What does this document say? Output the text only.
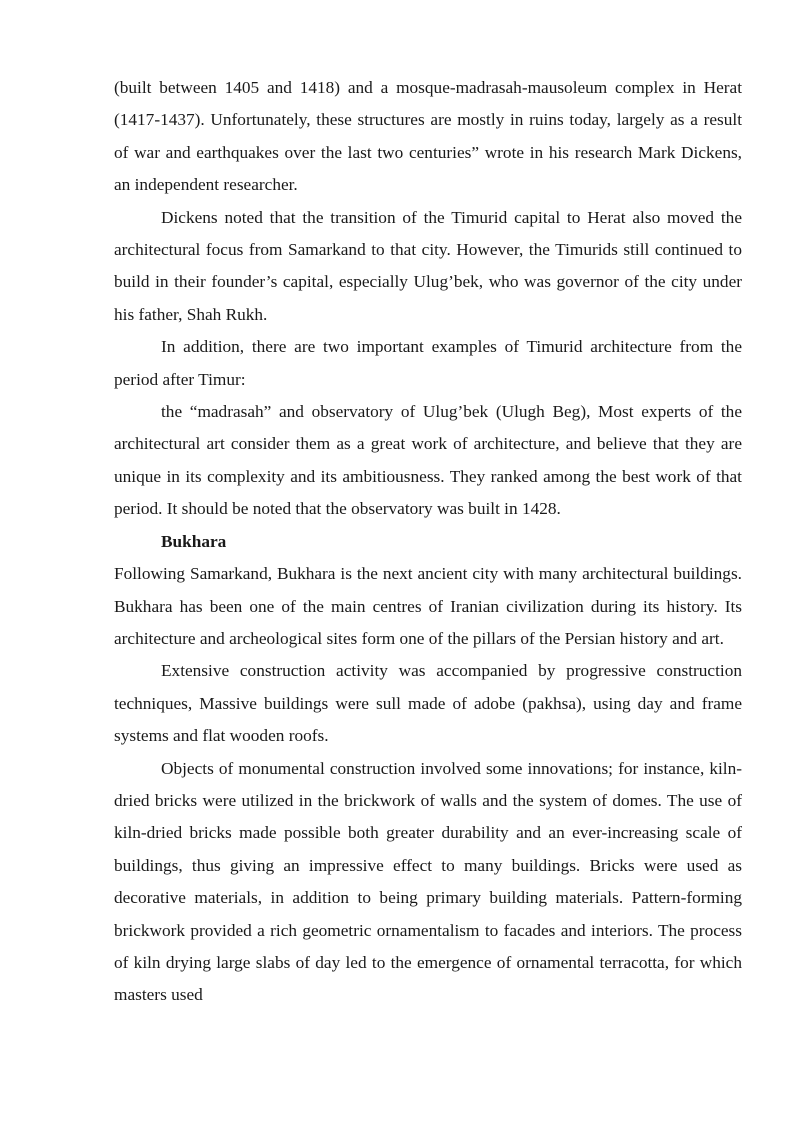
(built between 1405 and 1418) and a mosque-madrasah-mausoleum complex in Herat (1417-1437). Unfortunately, these structures are mostly in ruins today, largely as a result of war and earthquakes over the last two centuries” wrote in his research Mark Dickens, an independent researcher.

Dickens noted that the transition of the Timurid capital to Herat also moved the architectural focus from Samarkand to that city. However, the Timurids still continued to build in their founder’s capital, especially Ulug’bek, who was governor of the city under his father, Shah Rukh.

In addition, there are two important examples of Timurid architecture from the period after Timur:

the “madrasah” and observatory of Ulug’bek (Ulugh Beg), Most experts of the architectural art consider them as a great work of architecture, and believe that they are unique in its complexity and its ambitiousness. They ranked among the best work of that period. It should be noted that the observatory was built in 1428.

Bukhara

Following Samarkand, Bukhara is the next ancient city with many architectural buildings. Bukhara has been one of the main centres of Iranian civilization during its history. Its architecture and archeological sites form one of the pillars of the Persian history and art.

Extensive construction activity was accompanied by progressive construction techniques, Massive buildings were sull made of adobe (pakhsa), using day and frame systems and flat wooden roofs.

Objects of monumental construction involved some innovations; for instance, kiln-dried bricks were utilized in the brickwork of walls and the system of domes. The use of kiln-dried bricks made possible both greater durability and an ever-increasing scale of buildings, thus giving an impressive effect to many buildings. Bricks were used as decorative materials, in addition to being primary building materials. Pattern-forming brickwork provided a rich geometric ornamentalism to facades and interiors. The process of kiln drying large slabs of day led to the emergence of ornamental terracotta, for which masters used
